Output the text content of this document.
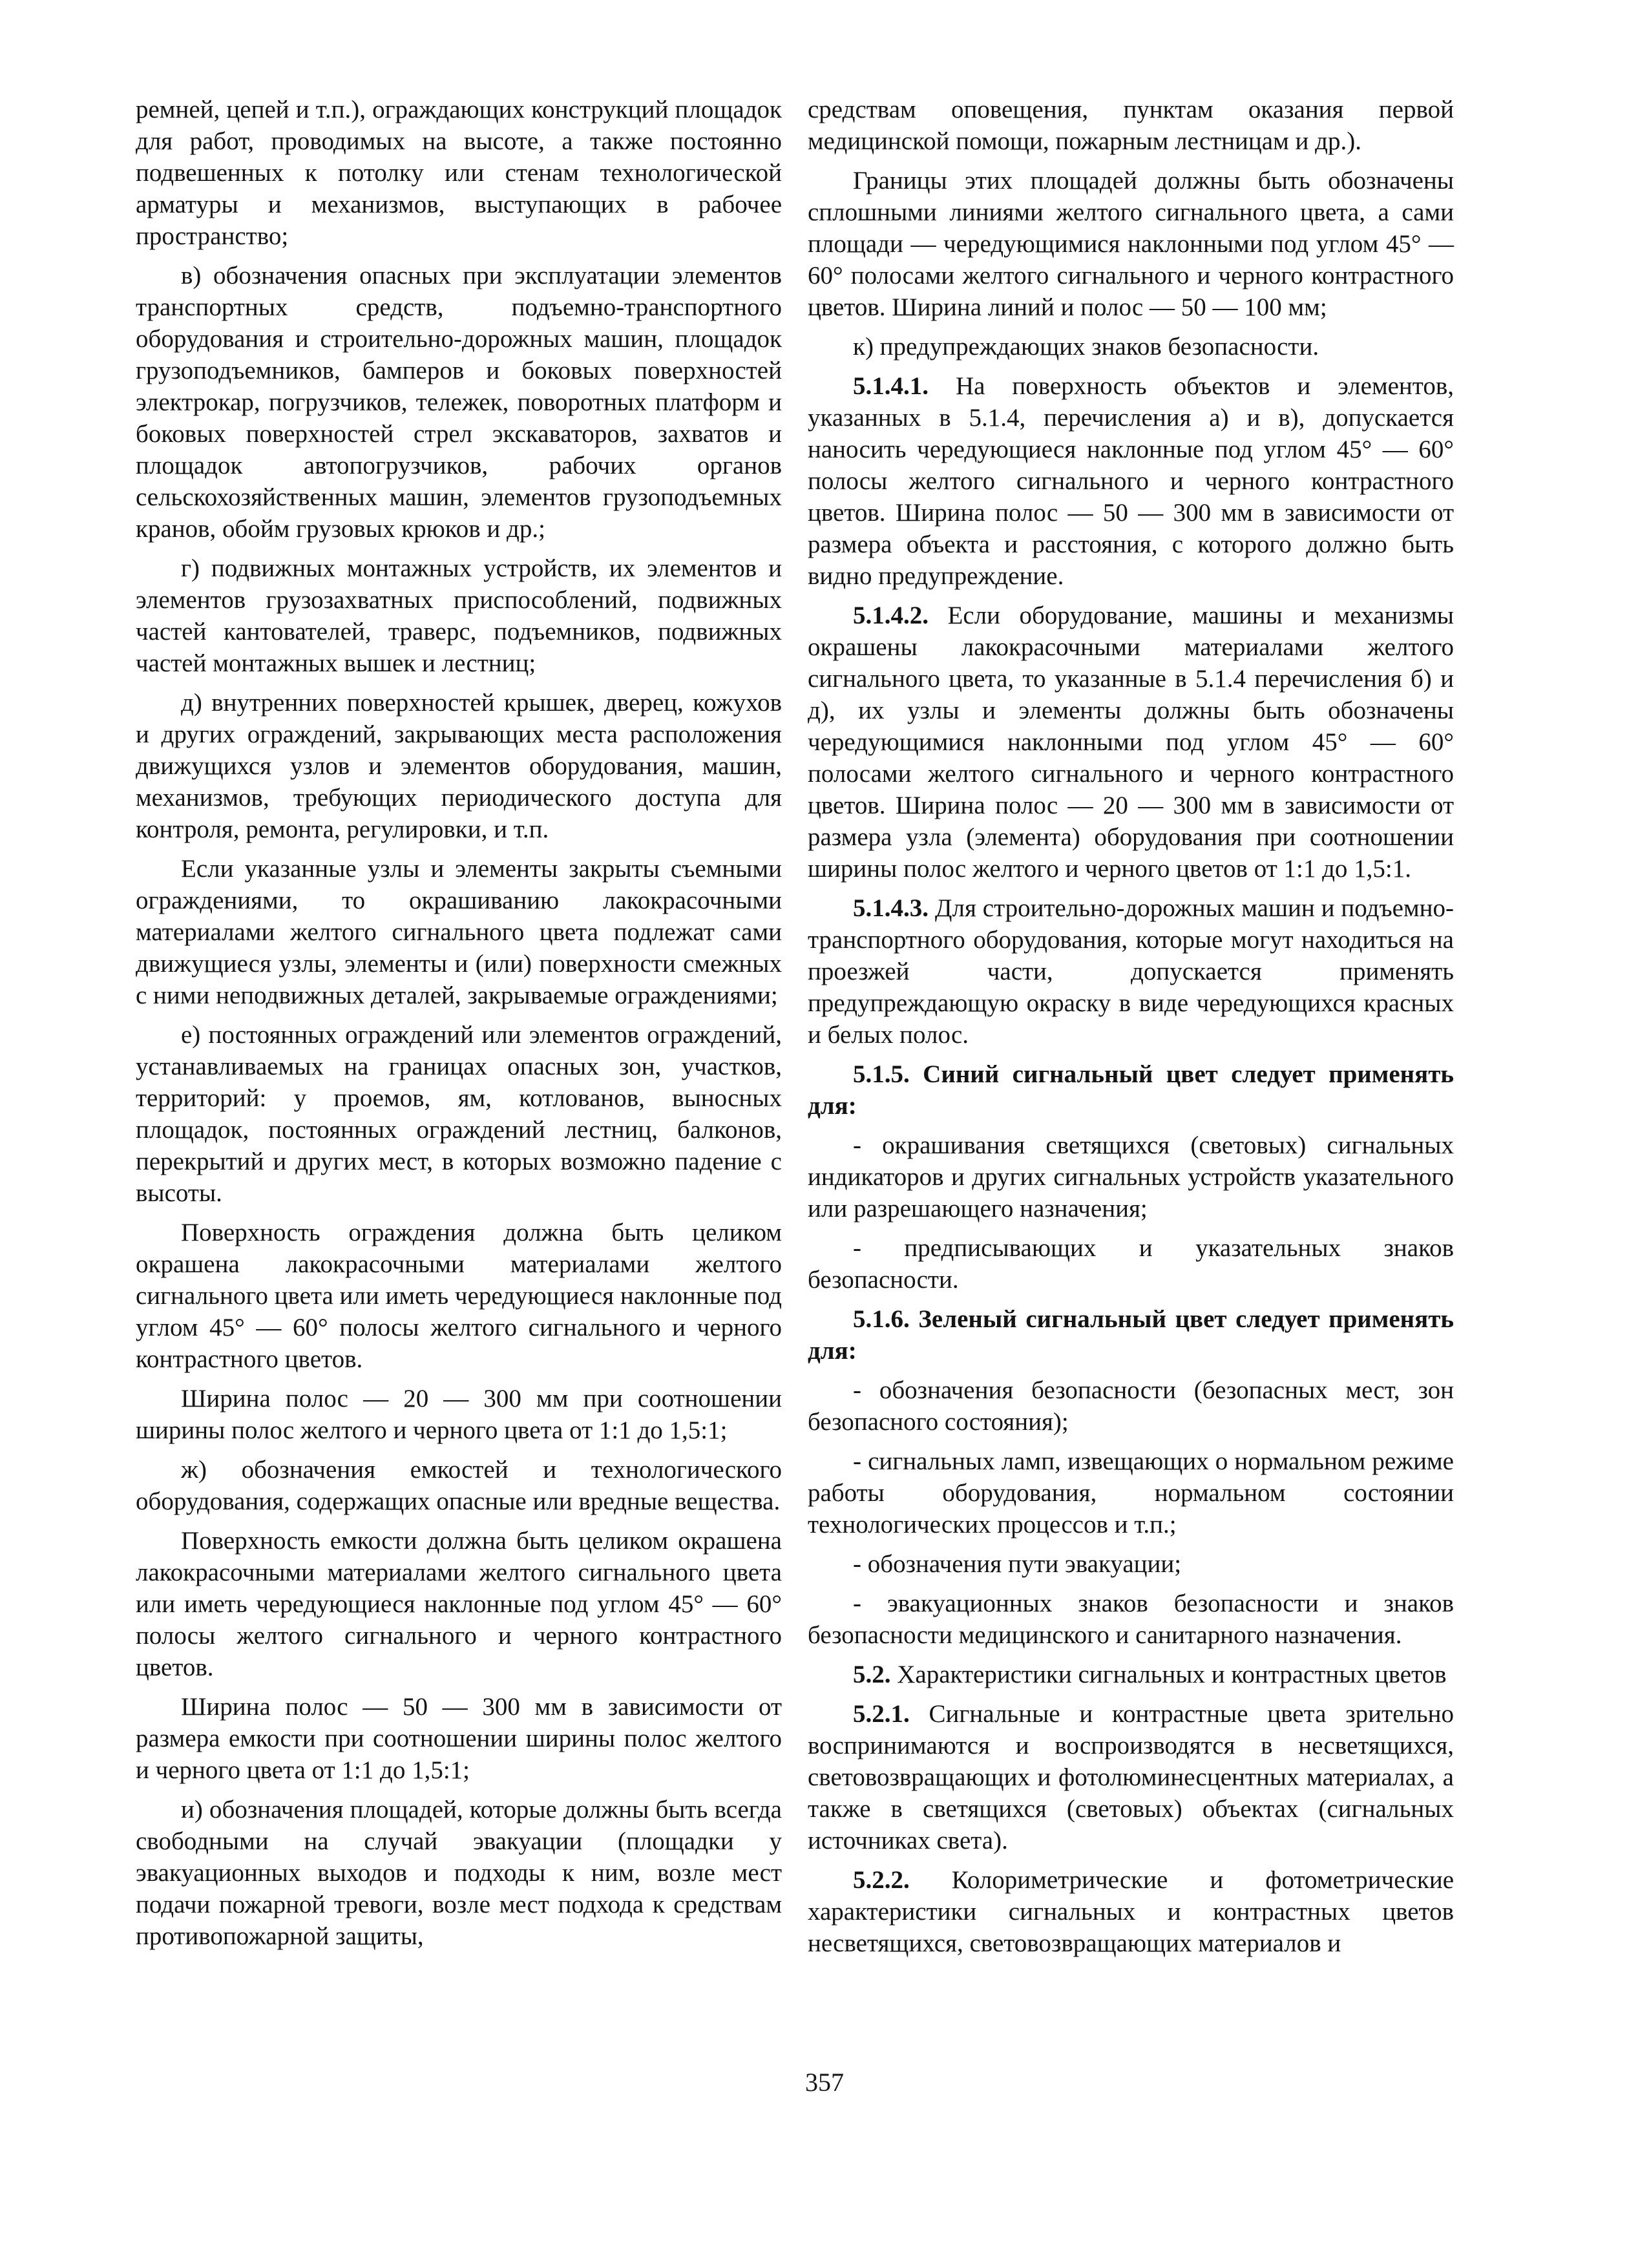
ремней, цепей и т.п.), ограждающих конструкций площадок для работ, проводимых на высоте, а также постоянно подвешенных к потолку или стенам технологической арматуры и механизмов, выступающих в рабочее пространство;

в) обозначения опасных при эксплуатации элементов транспортных средств, подъемно-транспортного оборудования и строительно-дорожных машин, площадок грузоподъемников, бамперов и боковых поверхностей электрокар, погрузчиков, тележек, поворотных платформ и боковых поверхностей стрел экскаваторов, захватов и площадок автопогрузчиков, рабочих органов сельскохозяйственных машин, элементов грузоподъемных кранов, обойм грузовых крюков и др.;

г) подвижных монтажных устройств, их элементов и элементов грузозахватных приспособлений, подвижных частей кантователей, траверс, подъемников, подвижных частей монтажных вышек и лестниц;

д) внутренних поверхностей крышек, дверец, кожухов и других ограждений, закрывающих места расположения движущихся узлов и элементов оборудования, машин, механизмов, требующих периодического доступа для контроля, ремонта, регулировки, и т.п.

Если указанные узлы и элементы закрыты съемными ограждениями, то окрашиванию лакокрасочными материалами желтого сигнального цвета подлежат сами движущиеся узлы, элементы и (или) поверхности смежных с ними неподвижных деталей, закрываемые ограждениями;

е) постоянных ограждений или элементов ограждений, устанавливаемых на границах опасных зон, участков, территорий: у проемов, ям, котлованов, выносных площадок, постоянных ограждений лестниц, балконов, перекрытий и других мест, в которых возможно падение с высоты.

Поверхность ограждения должна быть целиком окрашена лакокрасочными материалами желтого сигнального цвета или иметь чередующиеся наклонные под углом 45° — 60° полосы желтого сигнального и черного контрастного цветов.

Ширина полос — 20 — 300 мм при соотношении ширины полос желтого и черного цвета от 1:1 до 1,5:1;

ж) обозначения емкостей и технологического оборудования, содержащих опасные или вредные вещества.

Поверхность емкости должна быть целиком окрашена лакокрасочными материалами желтого сигнального цвета или иметь чередующиеся наклонные под углом 45° — 60° полосы желтого сигнального и черного контрастного цветов.

Ширина полос — 50 — 300 мм в зависимости от размера емкости при соотношении ширины полос желтого и черного цвета от 1:1 до 1,5:1;

и) обозначения площадей, которые должны быть всегда свободными на случай эвакуации (площадки у эвакуационных выходов и подходы к ним, возле мест подачи пожарной тревоги, возле мест подхода к средствам противопожарной защиты,

средствам оповещения, пунктам оказания первой медицинской помощи, пожарным лестницам и др.).

Границы этих площадей должны быть обозначены сплошными линиями желтого сигнального цвета, а сами площади — чередующимися наклонными под углом 45° — 60° полосами желтого сигнального и черного контрастного цветов. Ширина линий и полос — 50 — 100 мм;

к) предупреждающих знаков безопасности.

5.1.4.1. На поверхность объектов и элементов, указанных в 5.1.4, перечисления а) и в), допускается наносить чередующиеся наклонные под углом 45° — 60° полосы желтого сигнального и черного контрастного цветов. Ширина полос — 50 — 300 мм в зависимости от размера объекта и расстояния, с которого должно быть видно предупреждение.

5.1.4.2. Если оборудование, машины и механизмы окрашены лакокрасочными материалами желтого сигнального цвета, то указанные в 5.1.4 перечисления б) и д), их узлы и элементы должны быть обозначены чередующимися наклонными под углом 45° — 60° полосами желтого сигнального и черного контрастного цветов. Ширина полос — 20 — 300 мм в зависимости от размера узла (элемента) оборудования при соотношении ширины полос желтого и черного цветов от 1:1 до 1,5:1.

5.1.4.3. Для строительно-дорожных машин и подъемно-транспортного оборудования, которые могут находиться на проезжей части, допускается применять предупреждающую окраску в виде чередующихся красных и белых полос.

5.1.5. Синий сигнальный цвет следует применять для:

- окрашивания светящихся (световых) сигнальных индикаторов и других сигнальных устройств указательного или разрешающего назначения;

- предписывающих и указательных знаков безопасности.

5.1.6. Зеленый сигнальный цвет следует применять для:

- обозначения безопасности (безопасных мест, зон безопасного состояния);

- сигнальных ламп, извещающих о нормальном режиме работы оборудования, нормальном состоянии технологических процессов и т.п.;

- обозначения пути эвакуации;

- эвакуационных знаков безопасности и знаков безопасности медицинского и санитарного назначения.

5.2. Характеристики сигнальных и контрастных цветов

5.2.1. Сигнальные и контрастные цвета зрительно воспринимаются и воспроизводятся в несветящихся, световозвращающих и фотолюминесцентных материалах, а также в светящихся (световых) объектах (сигнальных источниках света).

5.2.2. Колориметрические и фотометрические характеристики сигнальных и контрастных цветов несветящихся, световозвращающих материалов и

357
